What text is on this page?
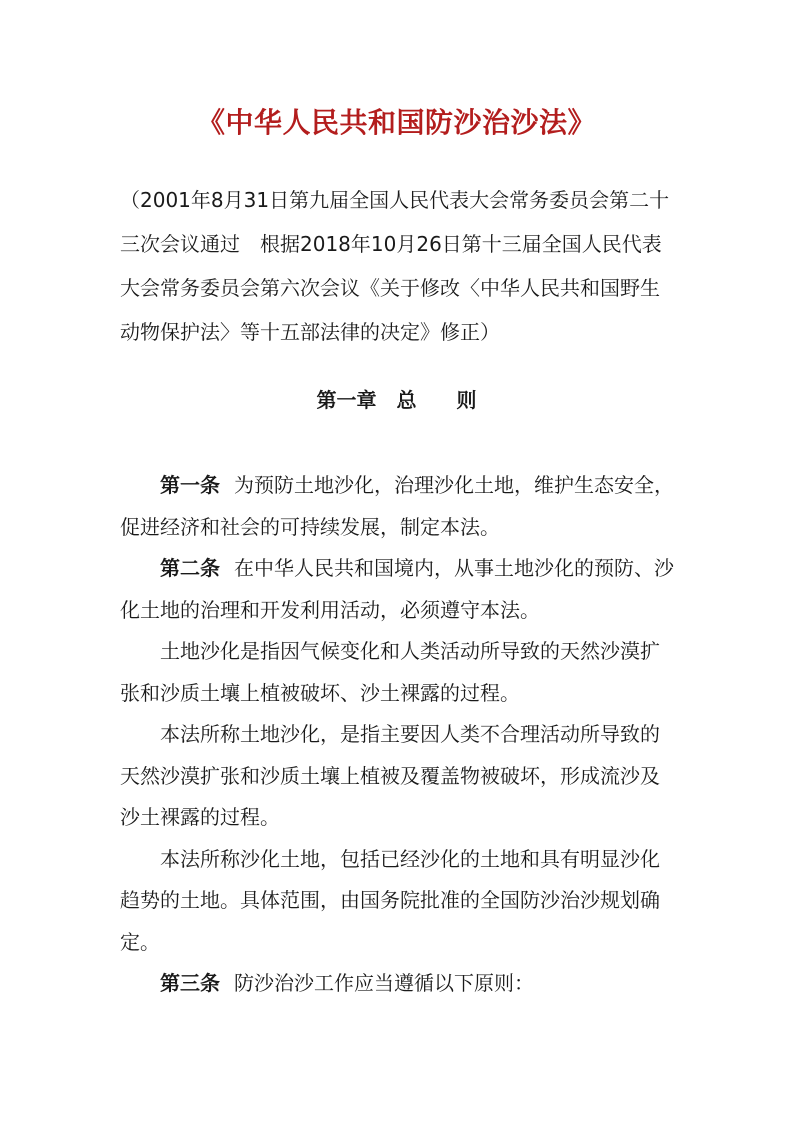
《中华人民共和国防沙治沙法》
（2001年8月31日第九届全国人民代表大会常务委员会第二十三次会议通过　根据2018年10月26日第十三届全国人民代表大会常务委员会第六次会议《关于修改〈中华人民共和国野生动物保护法〉等十五部法律的决定》修正）
第一章　总　　则

第一条 为预防土地沙化，治理沙化土地，维护生态安全，促进经济和社会的可持续发展，制定本法。

第二条 在中华人民共和国境内，从事土地沙化的预防、沙化土地的治理和开发利用活动，必须遵守本法。

土地沙化是指因气候变化和人类活动所导致的天然沙漠扩张和沙质土壤上植被破坏、沙土裸露的过程。

本法所称土地沙化，是指主要因人类不合理活动所导致的天然沙漠扩张和沙质土壤上植被及覆盖物被破坏，形成流沙及沙土裸露的过程。

本法所称沙化土地，包括已经沙化的土地和具有明显沙化趋势的土地。具体范围，由国务院批准的全国防沙治沙规划确定。

第三条 防沙治沙工作应当遵循以下原则：
